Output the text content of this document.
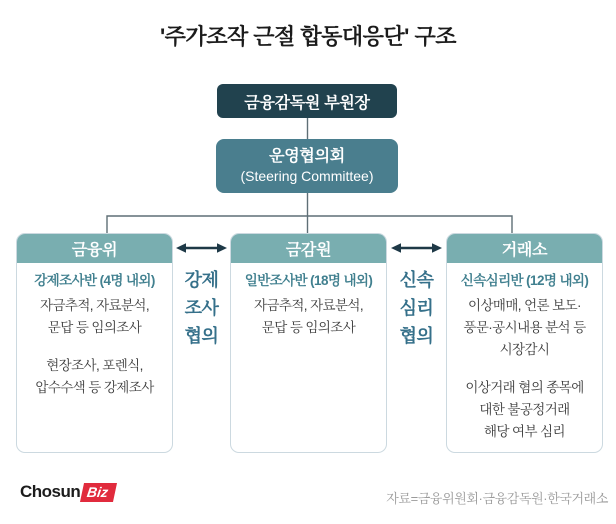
'주가조작 근절 합동대응단' 구조
금융감독원 부원장
운영협의회
(Steering Committee)
금융위
강제조사반 (4명 내외)
자금추적, 자료분석,
문답 등 임의조사
현장조사, 포렌식,
압수수색 등 강제조사
금감원
일반조사반 (18명 내외)
자금추적, 자료분석,
문답 등 임의조사
거래소
신속심리반 (12명 내외)
이상매매, 언론 보도·
풍문·공시내용 분석 등
시장감시
이상거래 혐의 종목에
대한 불공정거래
해당 여부 심리
강제
조사
협의
신속
심리
협의
Chosun Biz	자료=금융위원회·금융감독원·한국거래소
